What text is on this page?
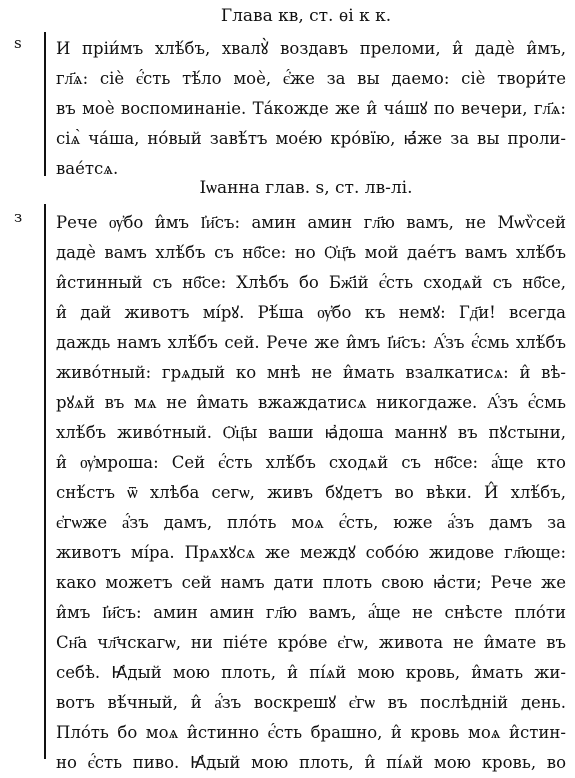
Глава кв, ст. ѳі к к.
ѕ И пріи́мъ хлѣ́бъ, хвалꙋ̀ воздавъ преломи, и̂ дадѐ и̂мъ,
гл҃ѧ: сіѐ є҆́сть тѣ́ло моѐ, є҆́же за вы даемо: сіѐ твори́те
въ моѐ воспоминаніе. Та́кожде же и̂ ча́шꙋ по вечери, гл҃ѧ:
сіѧ̀ ча́ша, но́вый завѣ́тъ мое́ю кро́вїю, ꙗ҆́же за вы проли-
вае́тсѧ.
Іѡанна глав. ѕ, ст. лв-лі.
з Рече ѹ҆бо и̂мъ І҆и҃съ: амин амин гл҃ю вамъ, не Мѡѷсей
дадѐ вамъ хлѣ́бъ съ нб҃се: но Ѻ҆ц҃ъ мой дае́тъ вамъ хлѣ́бъ
и̂стинный съ нб҃се: Хлѣбъ бо Бж҃ій є҆́сть сходѧй съ нб҃се,
и̂ дай животъ мі́рꙋ. Рѣ́ша ѹ҆бо къ немꙋ: Гд҃и! всегда
даждь намъ хлѣ́бъ сей. Рече же и̂мъ І҆и҃съ: А҆́зъ є҆́смь хлѣ́бъ
живо́тный: грѧдый ко мнѣ не и̂мать взалкатисѧ: и̂ вѣ-
рꙋѧй въ мѧ не и̂мать вжаждатисѧ никогдаже. А҆́зъ є҆́смь
хлѣ́бъ живо́тный. Ѻ҆ц҃ы ваши ꙗ҆доша маннꙋ въ пꙋстыни,
и̂ ѹ҆мроша: Сей є҆́сть хлѣ́бъ сходѧй съ нб҃се: а҆́ще кто
снѣ́стъ ѿ хлѣба сегѡ, живъ бꙋдетъ во вѣки. И̂ хлѣ́бъ,
є҆гѡже а҆́зъ дамъ, пло́ть моѧ є҆́сть, юже а҆́зъ дамъ за
животъ мі́ра. Прѧхꙋсѧ же междꙋ собо́ю жидове гл҃юще:
како можетъ сей намъ дати плоть свою ꙗ҆сти; Рече же
и̂мъ І҆и҃съ: амин амин гл҃ю вамъ, а҆́ще не снѣсте пло́ти
Сн҃а чл҃чскагѡ, ни піе́те кро́ве є҆гѡ, живота не и̂мате въ
себѣ. Ꙗ҆дый мою плоть, и̂ пі́ѧй мою кровь, и̂мать жи-
вотъ вѣ́чный, и̂ а҆́зъ воскрешꙋ є҆гѡ въ послѣдній день.
Пло́ть бо моѧ и̂стинно є҆́сть брашно, и̂ кровь моѧ и̂стин-
но є҆́сть пиво. Ꙗ҆дый мою плоть, и̂ пі́ѧй мою кровь, во
